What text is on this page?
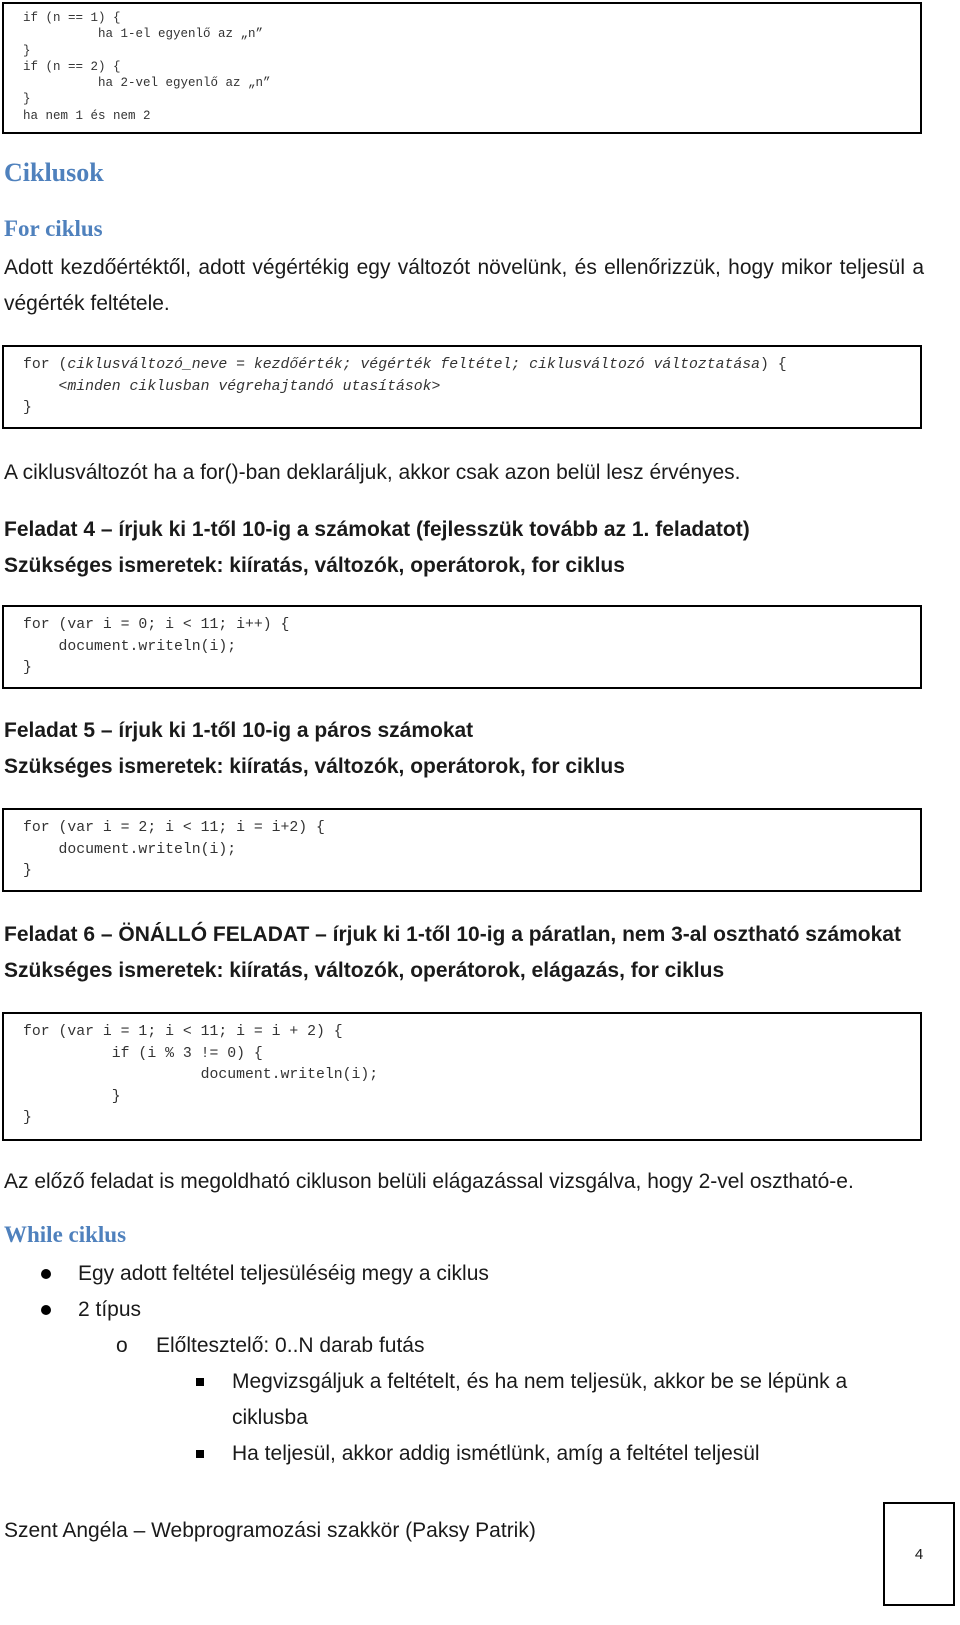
if (n == 1) {
ha 1-el egyenlő az „n”
}
if (n == 2) {
ha 2-vel egyenlő az „n”
}
ha nem 1 és nem 2
Ciklusok
For ciklus

Adott kezdőértéktől, adott végértékig egy változót növelünk, és ellenőrizzük, hogy mikor teljesül a végérték feltétele.

for (ciklusváltozó_neve = kezdőérték; végérték feltétel; ciklusváltozó változtatása) {
<minden ciklusban végrehajtandó utasítások>
}

A ciklusváltozót ha a for()-ban deklaráljuk, akkor csak azon belül lesz érvényes.

Feladat 4 – írjuk ki 1-től 10-ig a számokat (fejlesszük tovább az 1. feladatot)
Szükséges ismeretek: kiíratás, változók, operátorok, for ciklus
for (var i = 0; i < 11; i++) {
document.writeln(i);
}
Feladat 5 – írjuk ki 1-től 10-ig a páros számokat
Szükséges ismeretek: kiíratás, változók, operátorok, for ciklus
for (var i = 2; i < 11; i = i+2) {
document.writeln(i);
}
Feladat 6 – ÖNÁLLÓ FELADAT – írjuk ki 1-től 10-ig a páratlan, nem 3-al osztható számokat
Szükséges ismeretek: kiíratás, változók, operátorok, elágazás, for ciklus
for (var i = 1; i < 11; i = i + 2) {
if (i % 3 != 0) {
document.writeln(i);
}
}

Az előző feladat is megoldható cikluson belüli elágazással vizsgálva, hogy 2-vel osztható-e.

While ciklus
Egy adott feltétel teljesüléséig megy a ciklus
2 típus
o Előltesztelő: 0..N darab futás
Megvizsgáljuk a feltételt, és ha nem teljesük, akkor be se lépünk a ciklusba
Ha teljesül, akkor addig ismétlünk, amíg a feltétel teljesül

Szent Angéla – Webprogramozási szakkör (Paksy Patrik)

4
